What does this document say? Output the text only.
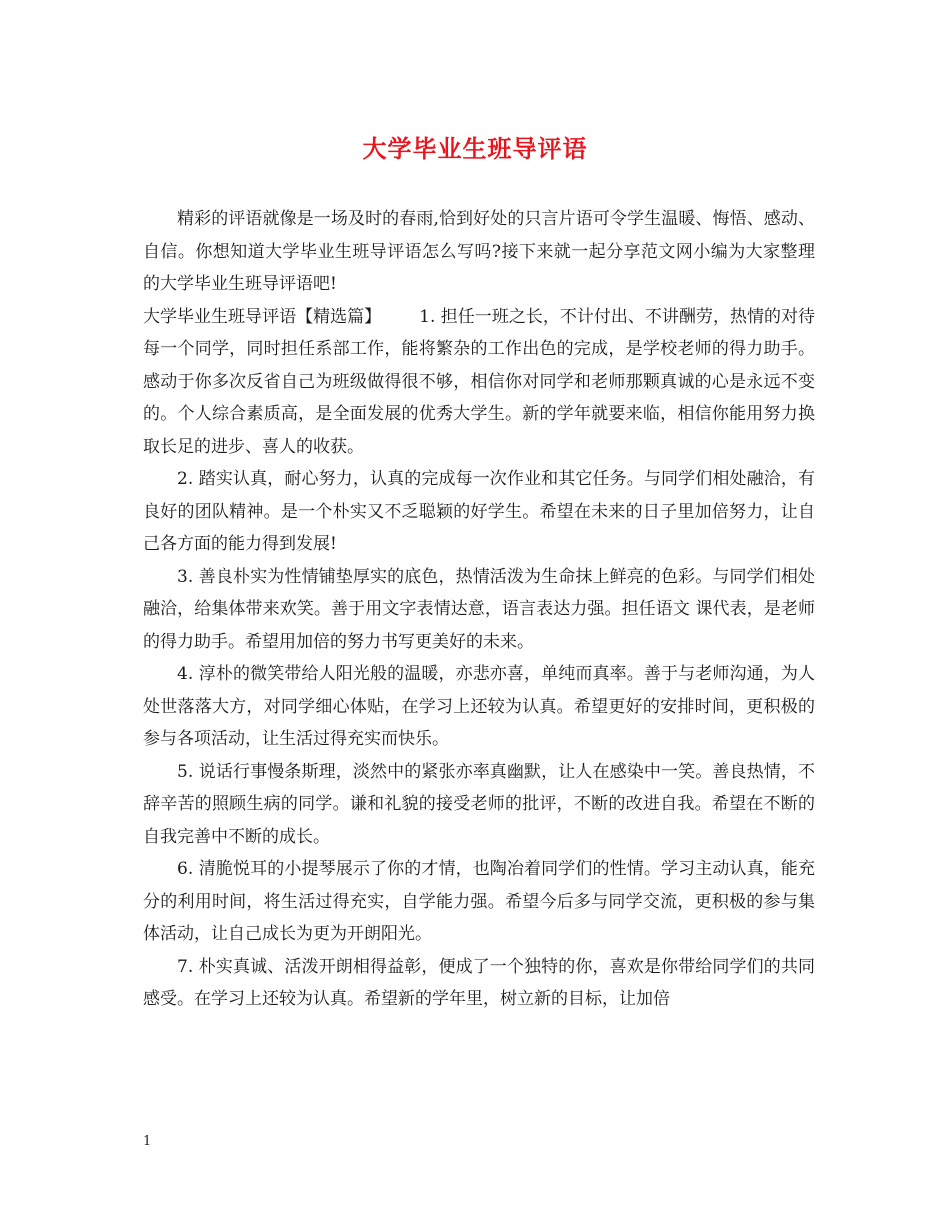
大学毕业生班导评语

精彩的评语就像是一场及时的春雨,恰到好处的只言片语可令学生温暖、悔悟、感动、自信。你想知道大学毕业生班导评语怎么写吗?接下来就一起分享范文网小编为大家整理的大学毕业生班导评语吧!

大学毕业生班导评语【精选篇】 1. 担任一班之长，不计付出、不讲酬劳，热情的对待每一个同学，同时担任系部工作，能将繁杂的工作出色的完成，是学校老师的得力助手。感动于你多次反省自己为班级做得很不够，相信你对同学和老师那颗真诚的心是永远不变的。个人综合素质高，是全面发展的优秀大学生。新的学年就要来临，相信你能用努力换取长足的进步、喜人的收获。

2. 踏实认真，耐心努力，认真的完成每一次作业和其它任务。与同学们相处融洽，有良好的团队精神。是一个朴实又不乏聪颖的好学生。希望在未来的日子里加倍努力，让自己各方面的能力得到发展!

3. 善良朴实为性情铺垫厚实的底色，热情活泼为生命抹上鲜亮的色彩。与同学们相处融洽，给集体带来欢笑。善于用文字表情达意，语言表达力强。担任语文 课代表，是老师的得力助手。希望用加倍的努力书写更美好的未来。

4. 淳朴的微笑带给人阳光般的温暖，亦悲亦喜，单纯而真率。善于与老师沟通，为人处世落落大方，对同学细心体贴，在学习上还较为认真。希望更好的安排时间，更积极的参与各项活动，让生活过得充实而快乐。

5. 说话行事慢条斯理，淡然中的紧张亦率真幽默，让人在感染中一笑。善良热情，不辞辛苦的照顾生病的同学。谦和礼貌的接受老师的批评，不断的改进自我。希望在不断的自我完善中不断的成长。

6. 清脆悦耳的小提琴展示了你的才情，也陶冶着同学们的性情。学习主动认真，能充分的利用时间，将生活过得充实，自学能力强。希望今后多与同学交流，更积极的参与集体活动，让自己成长为更为开朗阳光。

7. 朴实真诚、活泼开朗相得益彰，便成了一个独特的你，喜欢是你带给同学们的共同感受。在学习上还较为认真。希望新的学年里，树立新的目标，让加倍

1
